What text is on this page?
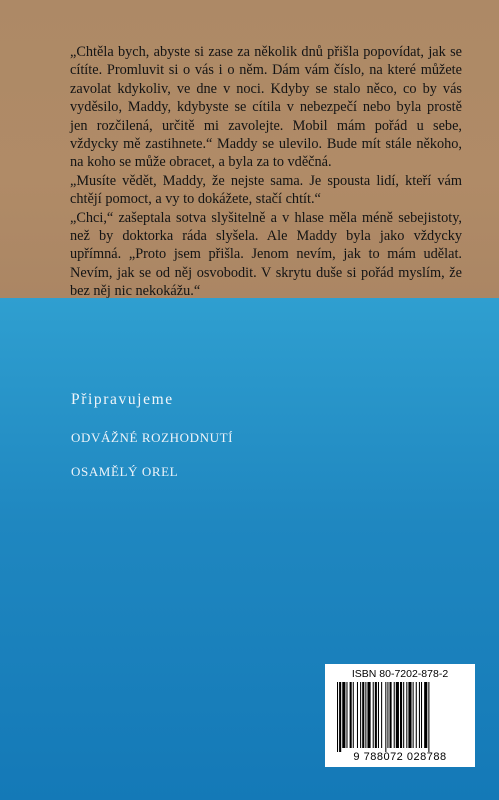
„Chtěla bych, abyste si zase za několik dnů přišla popovídat, jak se cítíte. Promluvit si o vás i o něm. Dám vám číslo, na které můžete zavolat kdykoliv, ve dne v noci. Kdyby se stalo něco, co by vás vyděsilo, Maddy, kdybyste se cítila v nebezpečí nebo byla prostě jen rozčilená, určitě mi zavolejte. Mobil mám pořád u sebe, vždycky mě zastihnete.“ Maddy se ulevilo. Bude mít stále někoho, na koho se může obracet, a byla za to vděčná.

„Musíte vědět, Maddy, že nejste sama. Je spousta lidí, kteří vám chtějí pomoct, a vy to dokážete, stačí chtít.“

„Chci,“ zašeptala sotva slyšitelně a v hlase měla méně sebejistoty, než by doktorka ráda slyšela. Ale Maddy byla jako vždycky upřímná. „Proto jsem přišla. Jenom nevím, jak to mám udělat. Nevím, jak se od něj osvobodit. V skrytu duše si pořád myslím, že bez něj nic nekokážu.“

Připravujeme
ODVÁŽNÉ ROZHODNUTÍ
OSAMĚLÝ OREL
ISBN 80-7202-878-2
9 788072 028788
